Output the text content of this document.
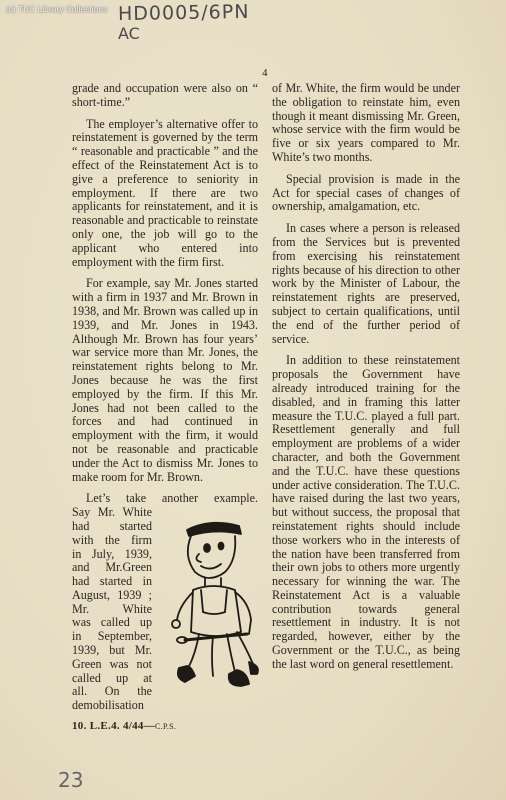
(c) TUC Library Collections HD0005/6PN
AC
4

grade and occupation were also on “ short-time.”

The employer’s alternative offer to reinstatement is governed by the term “ reasonable and practicable ” and the effect of the Reinstatement Act is to give a preference to seniority in employment. If there are two applicants for reinstatement, and it is reasonable and practicable to reinstate only one, the job will go to the applicant who entered into employment with the firm first.

For example, say Mr. Jones started with a firm in 1937 and Mr. Brown in 1938, and Mr. Brown was called up in 1939, and Mr. Jones in 1943. Although Mr. Brown has four years’ war service more than Mr. Jones, the reinstatement rights belong to Mr. Jones because he was the first employed by the firm. If this Mr. Jones had not been called to the forces and had continued in employment with the firm, it would not be reasonable and practicable under the Act to dismiss Mr. Jones to make room for Mr. Brown.

Let’s take another example.
Say Mr. White
had started
with the firm
in July, 1939,
and Mr.Green
had started in
August, 1939 ;
Mr. White
was called up
in September,
1939, but Mr.
Green was not
called up at
all. On the
demobilisation

of Mr. White, the firm would be under the obligation to reinstate him, even though it meant dismissing Mr. Green, whose service with the firm would be five or six years compared to Mr. White’s two months.

Special provision is made in the Act for special cases of changes of ownership, amalgamation, etc.

In cases where a person is released from the Services but is prevented from exercising his reinstatement rights because of his direction to other work by the Minister of Labour, the reinstatement rights are preserved, subject to certain qualifications, until the end of the further period of service.

In addition to these reinstatement proposals the Government have already introduced training for the disabled, and in framing this latter measure the T.U.C. played a full part. Resettlement generally and full employment are problems of a wider character, and both the Government and the T.U.C. have these questions under active consideration. The T.U.C. have raised during the last two years, but without success, the proposal that reinstatement rights should include those workers who in the interests of the nation have been transferred from their own jobs to others more urgently necessary for winning the war. The Reinstatement Act is a valuable contribution towards general resettlement in industry. It is not regarded, however, either by the Government or the T.U.C., as being the last word on general resettlement.

10. L.E.4. 4/44—C.P.S.
23
